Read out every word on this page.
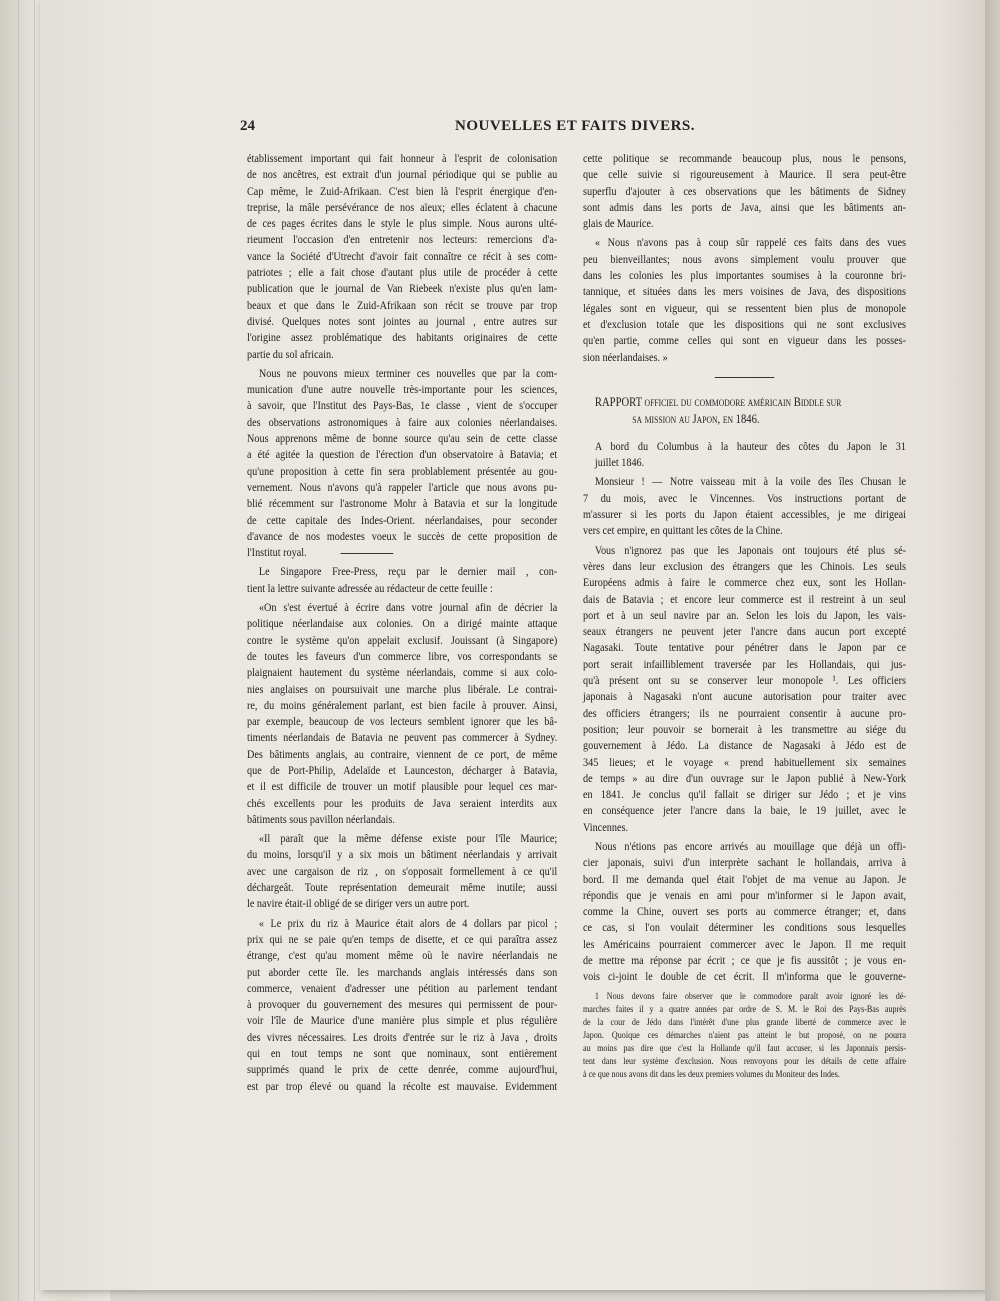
24	NOUVELLES ET FAITS DIVERS.
établissement important qui fait honneur à l'esprit de colonisation
de nos ancêtres, est extrait d'un journal périodique qui se publie au
Cap même, le Zuid-Afrikaan. C'est bien là l'esprit énergique d'en-
treprise, la mâle persévérance de nos aïeux; elles éclatent à chacune
de ces pages écrites dans le style le plus simple. Nous aurons ulté-
rieument l'occasion d'en entretenir nos lecteurs: remercions d'a-
vance la Société d'Utrecht d'avoir fait connaître ce récit à ses com-
patriotes ; elle a fait chose d'autant plus utile de procéder à cette
publication que le journal de Van Riebeek n'existe plus qu'en lam-
beaux et que dans le Zuid-Afrikaan son récit se trouve par trop
divisé. Quelques notes sont jointes au journal , entre autres sur
l'origine assez problématique des habitants originaires de cette
partie du sol africain.
Nous ne pouvons mieux terminer ces nouvelles que par la com-
munication d'une autre nouvelle très-importante pour les sciences,
à savoir, que l'Institut des Pays-Bas, 1e classe , vient de s'occuper
des observations astronomiques à faire aux colonies néerlandaises.
Nous apprenons même de bonne source qu'au sein de cette classe
a été agitée la question de l'érection d'un observatoire à Batavia; et
qu'une proposition à cette fin sera problablement présentée au gou-
vernement. Nous n'avons qu'à rappeler l'article que nous avons pu-
blié récemment sur l'astronome Mohr à Batavia et sur la longitude
de cette capitale des Indes-Orient. néerlandaises, pour seconder
d'avance de nos modestes voeux le succès de cette proposition de
l'Institut royal.
Le Singapore Free-Press, reçu par le dernier mail , con-
tient la lettre suivante adressée au rédacteur de cette feuille :
«On s'est évertué à écrire dans votre journal afin de décrier la
politique néerlandaise aux colonies. On a dirigé mainte attaque
contre le système qu'on appelait exclusif. Jouissant (à Singapore)
de toutes les faveurs d'un commerce libre, vos correspondants se
plaignaient hautement du système néerlandais, comme si aux colo-
nies anglaises on poursuivait une marche plus libérale. Le contrai-
re, du moins généralement parlant, est bien facile à prouver. Ainsi,
par exemple, beaucoup de vos lecteurs semblent ignorer que les bâ-
timents néerlandais de Batavia ne peuvent pas commercer à Sydney.
Des bâtiments anglais, au contraire, viennent de ce port, de même
que de Port-Philip, Adelaïde et Launceston, décharger à Batavia,
et il est difficile de trouver un motif plausible pour lequel ces mar-
chés excellents pour les produits de Java seraient interdits aux
bâtiments sous pavillon néerlandais.
«Il paraît que la même défense existe pour l'île Maurice;
du moins, lorsqu'il y a six mois un bâtiment néerlandais y arrivait
avec une cargaison de riz , on s'opposait formellement à ce qu'il
déchargeât. Toute représentation demeurait même inutile; aussi
le navire était-il obligé de se diriger vers un autre port.
« Le prix du riz à Maurice était alors de 4 dollars par picol ;
prix qui ne se paie qu'en temps de disette, et ce qui paraîtra assez
étrange, c'est qu'au moment même où le navire néerlandais ne
put aborder cette île. les marchands anglais intéressés dans son
commerce, venaient d'adresser une pétition au parlement tendant
à provoquer du gouvernement des mesures qui permissent de pour-
voir l'île de Maurice d'une manière plus simple et plus régulière
des vivres nécessaires. Les droits d'entrée sur le riz à Java , droits
qui en tout temps ne sont que nominaux, sont entièrement
supprimés quand le prix de cette denrée, comme aujourd'hui,
est par trop élevé ou quand la récolte est mauvaise. Evidemment
cette politique se recommande beaucoup plus, nous le pensons,
que celle suivie si rigoureusement à Maurice. Il sera peut-être
superflu d'ajouter à ces observations que les bâtiments de Sidney
sont admis dans les ports de Java, ainsi que les bâtiments an-
glais de Maurice.
« Nous n'avons pas à coup sûr rappelé ces faits dans des vues
peu bienveillantes; nous avons simplement voulu prouver que
dans les colonies les plus importantes soumises à la couronne bri-
tannique, et situées dans les mers voisines de Java, des dispositions
légales sont en vigueur, qui se ressentent bien plus de monopole
et d'exclusion totale que les dispositions qui ne sont exclusives
qu'en partie, comme celles qui sont en vigueur dans les posses-
sion néerlandaises. »
RAPPORT officiel du commodore américain Biddle sur
sa mission au Japon, en 1846.
A bord du Columbus à la hauteur des côtes du Japon le 31
juillet 1846.
Monsieur ! — Notre vaisseau mit à la voile des îles Chusan le
7 du mois, avec le Vincennes. Vos instructions portant de
m'assurer si les ports du Japon étaient accessibles, je me dirigeai
vers cet empire, en quittant les côtes de la Chine.
Vous n'ignorez pas que les Japonais ont toujours été plus sé-
vères dans leur exclusion des étrangers que les Chinois. Les seuls
Européens admis à faire le commerce chez eux, sont les Hollan-
dais de Batavia ; et encore leur commerce est il restreint à un seul
port et à un seul navire par an. Selon les lois du Japon, les vais-
seaux étrangers ne peuvent jeter l'ancre dans aucun port excepté
Nagasaki. Toute tentative pour pénétrer dans le Japon par ce
port serait infailliblement traversée par les Hollandais, qui jus-
qu'à présent ont su se conserver leur monopole ¹. Les officiers
japonais à Nagasaki n'ont aucune autorisation pour traiter avec
des officiers étrangers; ils ne pourraient consentir à aucune pro-
position; leur pouvoir se bornerait à les transmettre au siége du
gouvernement à Jédo. La distance de Nagasaki à Jédo est de
345 lieues; et le voyage « prend habituellement six semaines
de temps » au dire d'un ouvrage sur le Japon publié à New-York
en 1841. Je conclus qu'il fallait se diriger sur Jédo ; et je vins
en conséquence jeter l'ancre dans la baie, le 19 juillet, avec le
Vincennes.
Nous n'étions pas encore arrivés au mouillage que déjà un offi-
cier japonais, suivi d'un interprète sachant le hollandais, arriva à
bord. Il me demanda quel était l'objet de ma venue au Japon. Je
répondis que je venais en ami pour m'informer si le Japon avait,
comme la Chine, ouvert ses ports au commerce étranger; et, dans
ce cas, si l'on voulait déterminer les conditions sous lesquelles
les Américains pourraient commercer avec le Japon. Il me requit
de mettre ma réponse par écrit ; ce que je fis aussitôt ; je vous en-
vois ci-joint le double de cet écrit. Il m'informa que le gouverne-
1 Nous devons faire observer que le commodore paraît avoir ignoré les dé-
marches faites il y a quatre années par ordre de S. M. le Roi des Pays-Bas auprès
de la cour de Jédo dans l'intérêt d'une plus grande liberté de commerce avec le
Japon. Quoique ces démarches n'aient pas atteint le but proposé, on ne pourra
au moins pas dire que c'est la Hollande qu'il faut accuser, si les Japonnais persis-
tent dans leur système d'exclusion. Nous renvoyons pour les détails de cette affaire
à ce que nous avons dit dans les deux premiers volumes du Moniteur des Indes.
